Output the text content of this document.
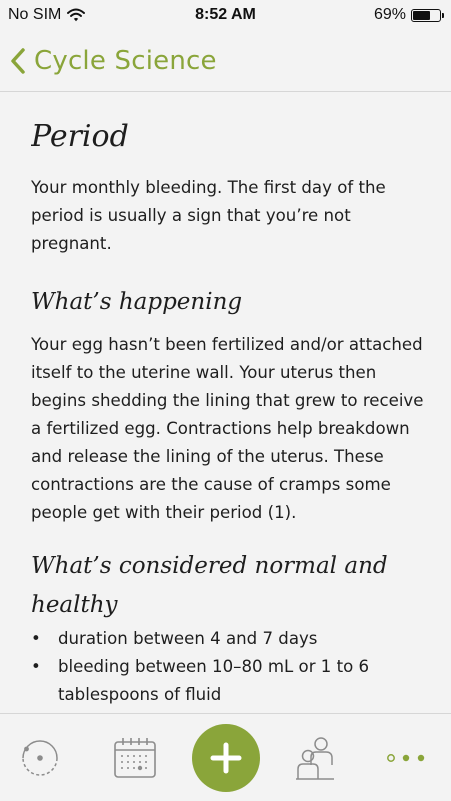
No SIM	8:52 AM	69%
Cycle Science
Period

Your monthly bleeding. The first day of the period is usually a sign that you’re not pregnant.

What’s happening

Your egg hasn’t been fertilized and/or attached itself to the uterine wall. Your uterus then begins shedding the lining that grew to receive a fertilized egg. Contractions help breakdown and release the lining of the uterus. These contractions are the cause of cramps some people get with their period (1).

What’s considered normal and healthy
• duration between 4 and 7 days
• bleeding between 10–80 mL or 1 to 6 tablespoons of fluid
